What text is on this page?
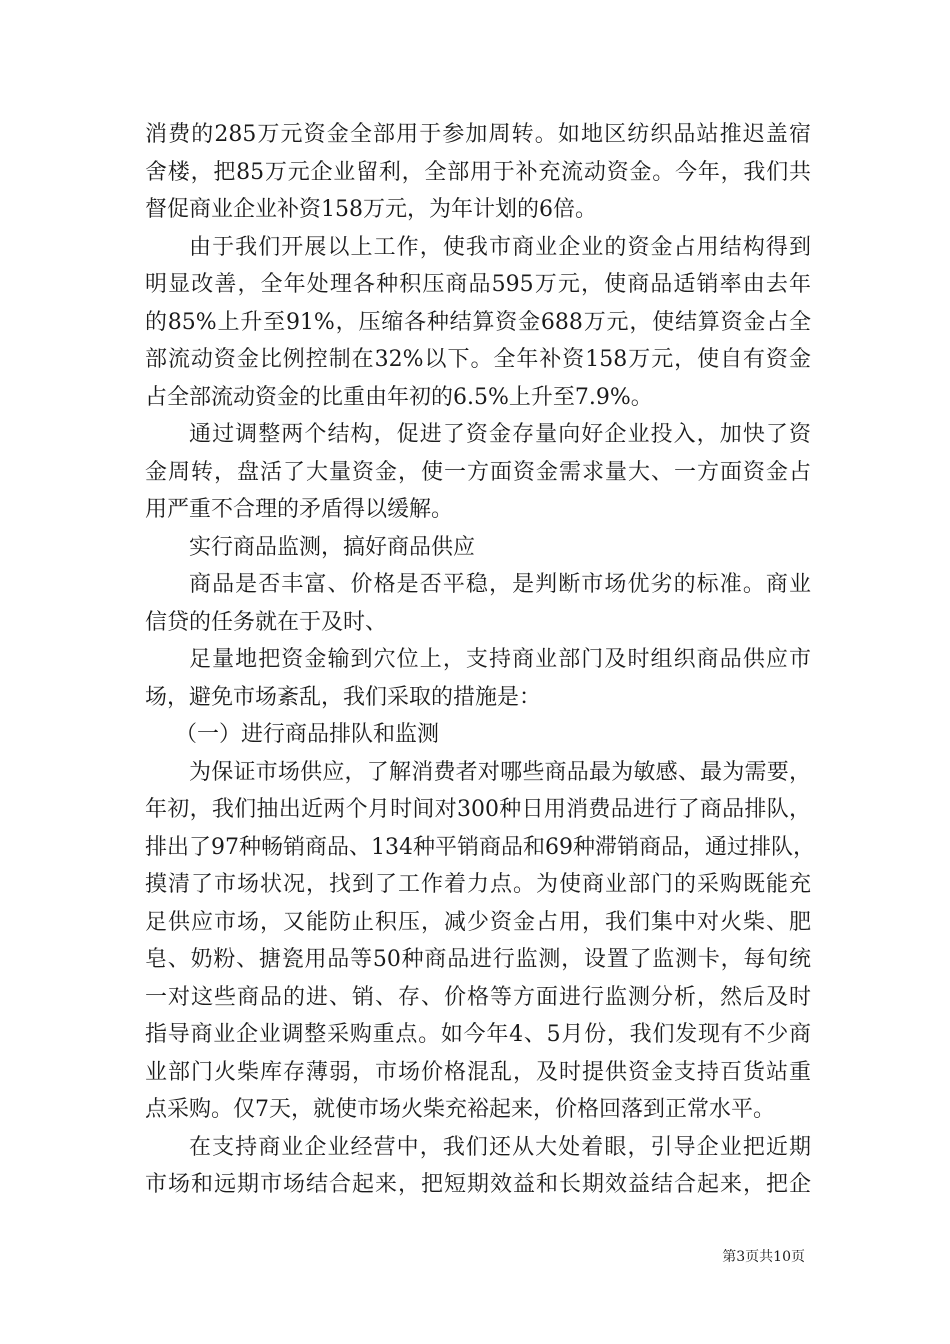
消费的285万元资金全部用于参加周转。如地区纺织品站推迟盖宿
舍楼，把85万元企业留利，全部用于补充流动资金。今年，我们共
督促商业企业补资158万元，为年计划的6倍。
由于我们开展以上工作，使我市商业企业的资金占用结构得到
明显改善，全年处理各种积压商品595万元，使商品适销率由去年
的85%上升至91%，压缩各种结算资金688万元，使结算资金占全
部流动资金比例控制在32%以下。全年补资158万元，使自有资金
占全部流动资金的比重由年初的6.5%上升至7.9%。
通过调整两个结构，促进了资金存量向好企业投入，加快了资
金周转，盘活了大量资金，使一方面资金需求量大、一方面资金占
用严重不合理的矛盾得以缓解。
实行商品监测，搞好商品供应
商品是否丰富、价格是否平稳，是判断市场优劣的标准。商业
信贷的任务就在于及时、
足量地把资金输到穴位上，支持商业部门及时组织商品供应市
场，避免市场紊乱，我们采取的措施是：
（一）进行商品排队和监测
为保证市场供应，了解消费者对哪些商品最为敏感、最为需要，
年初，我们抽出近两个月时间对300种日用消费品进行了商品排队，
排出了97种畅销商品、134种平销商品和69种滞销商品，通过排队，
摸清了市场状况，找到了工作着力点。为使商业部门的采购既能充
足供应市场，又能防止积压，减少资金占用，我们集中对火柴、肥
皂、奶粉、搪瓷用品等50种商品进行监测，设置了监测卡，每旬统
一对这些商品的进、销、存、价格等方面进行监测分析，然后及时
指导商业企业调整采购重点。如今年4、5月份，我们发现有不少商
业部门火柴库存薄弱，市场价格混乱，及时提供资金支持百货站重
点采购。仅7天，就使市场火柴充裕起来，价格回落到正常水平。
在支持商业企业经营中，我们还从大处着眼，引导企业把近期
市场和远期市场结合起来，把短期效益和长期效益结合起来，把企
第3页共10页
